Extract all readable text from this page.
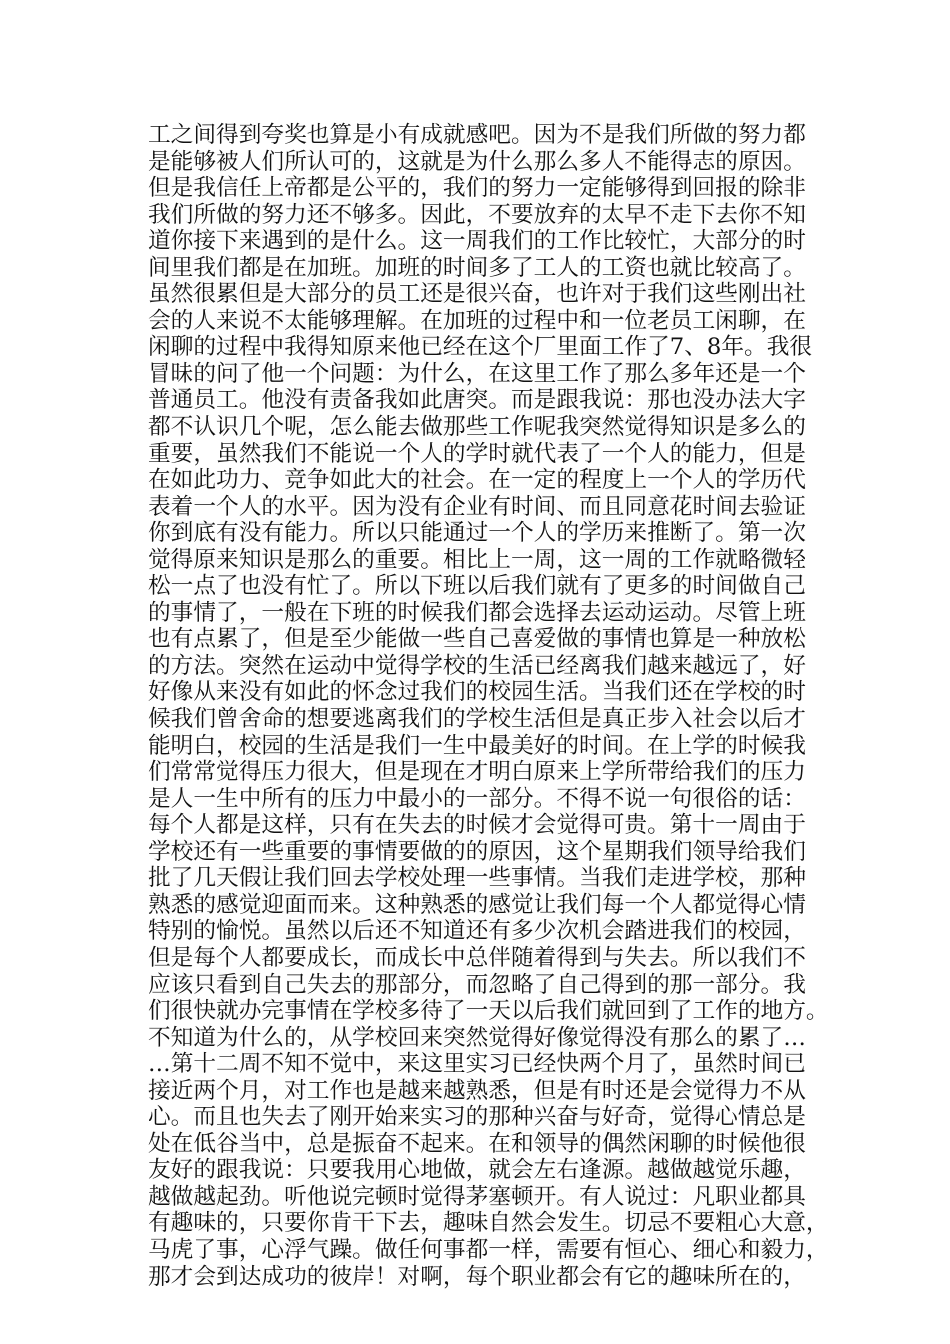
工之间得到夸奖也算是小有成就感吧。因为不是我们所做的努力都
是能够被人们所认可的，这就是为什么那么多人不能得志的原因。
但是我信任上帝都是公平的，我们的努力一定能够得到回报的除非
我们所做的努力还不够多。因此，不要放弃的太早不走下去你不知
道你接下来遇到的是什么。这一周我们的工作比较忙，大部分的时
间里我们都是在加班。加班的时间多了工人的工资也就比较高了。
虽然很累但是大部分的员工还是很兴奋，也许对于我们这些刚出社
会的人来说不太能够理解。在加班的过程中和一位老员工闲聊，在
闲聊的过程中我得知原来他已经在这个厂里面工作了7、8年。我很
冒昧的问了他一个问题：为什么，在这里工作了那么多年还是一个
普通员工。他没有责备我如此唐突。而是跟我说：那也没办法大字
都不认识几个呢，怎么能去做那些工作呢我突然觉得知识是多么的
重要，虽然我们不能说一个人的学时就代表了一个人的能力，但是
在如此功力、竞争如此大的社会。在一定的程度上一个人的学历代
表着一个人的水平。因为没有企业有时间、而且同意花时间去验证
你到底有没有能力。所以只能通过一个人的学历来推断了。第一次
觉得原来知识是那么的重要。相比上一周，这一周的工作就略微轻
松一点了也没有忙了。所以下班以后我们就有了更多的时间做自己
的事情了，一般在下班的时候我们都会选择去运动运动。尽管上班
也有点累了，但是至少能做一些自己喜爱做的事情也算是一种放松
的方法。突然在运动中觉得学校的生活已经离我们越来越远了，好
好像从来没有如此的怀念过我们的校园生活。当我们还在学校的时
候我们曾舍命的想要逃离我们的学校生活但是真正步入社会以后才
能明白，校园的生活是我们一生中最美好的时间。在上学的时候我
们常常觉得压力很大，但是现在才明白原来上学所带给我们的压力
是人一生中所有的压力中最小的一部分。不得不说一句很俗的话：
每个人都是这样，只有在失去的时候才会觉得可贵。第十一周由于
学校还有一些重要的事情要做的的原因，这个星期我们领导给我们
批了几天假让我们回去学校处理一些事情。当我们走进学校，那种
熟悉的感觉迎面而来。这种熟悉的感觉让我们每一个人都觉得心情
特别的愉悦。虽然以后还不知道还有多少次机会踏进我们的校园，
但是每个人都要成长，而成长中总伴随着得到与失去。所以我们不
应该只看到自己失去的那部分，而忽略了自己得到的那一部分。我
们很快就办完事情在学校多待了一天以后我们就回到了工作的地方。
不知道为什么的，从学校回来突然觉得好像觉得没有那么的累了…
…第十二周不知不觉中，来这里实习已经快两个月了，虽然时间已
接近两个月，对工作也是越来越熟悉，但是有时还是会觉得力不从
心。而且也失去了刚开始来实习的那种兴奋与好奇，觉得心情总是
处在低谷当中，总是振奋不起来。在和领导的偶然闲聊的时候他很
友好的跟我说：只要我用心地做，就会左右逢源。越做越觉乐趣，
越做越起劲。听他说完顿时觉得茅塞顿开。有人说过：凡职业都具
有趣味的，只要你肯干下去，趣味自然会发生。切忌不要粗心大意，
马虎了事，心浮气躁。做任何事都一样，需要有恒心、细心和毅力，
那才会到达成功的彼岸！对啊，每个职业都会有它的趣味所在的，
